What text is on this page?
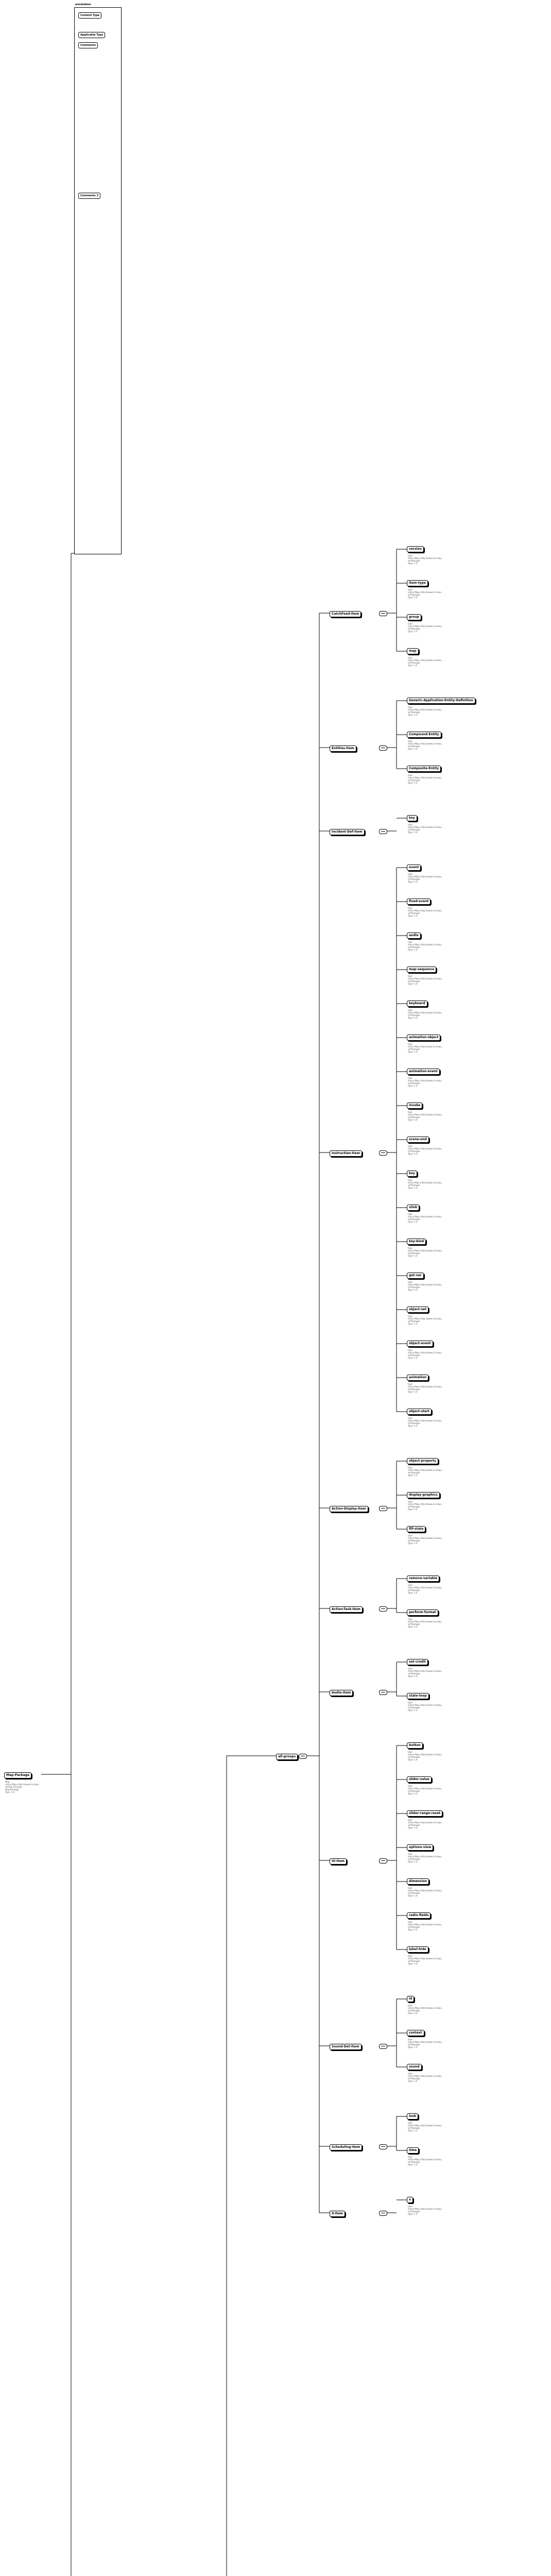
Map-Package
Map
xmlns:Map=http://www.cicsmap...
ref.Map Package
Map:Package
Type: 1.0
annotation
Content Type
Applicable Type
Comments
Comments 2
all-groups
CatchFeed-Item
version
type
xmlns:Map=http://www.cicsmap...
ref:Package
Type: 1.0
item-type
type
xmlns:Map=http://www.cicsmap...
ref:Package
Type: 1.0
group
type
xmlns:Map=http://www.cicsmap...
ref:Package
Type: 1.0
map
type
xmlns:Map=http://www.cicsmap...
ref:Package
Type: 1.0
Entities-Item
Generic-Application-Entity-Definition
type
xmlns:Map=http://www.cicsmap...
ref:Package
Type: 1.0
Compound-Entity
type
xmlns:Map=http://www.cicsmap...
ref:Package
Type: 1.0
Composite-Entity
type
xmlns:Map=http://www.cicsmap...
ref:Package
Type: 1.0
Incident-Def-Item
key
type
xmlns:Map=http://www.cicsmap...
ref:Package
Type: 1.0
Instruction-Item
event
type
xmlns:Map=http://www.cicsmap...
ref:Package
Type: 1.0
fixed-event
type
xmlns:Map=http://www.cicsmap...
ref:Package
Type: 1.0
audio
type
xmlns:Map=http://www.cicsmap...
ref:Package
Type: 1.0
map-sequence
type
xmlns:Map=http://www.cicsmap...
ref:Package
Type: 1.0
keyboard
type
xmlns:Map=http://www.cicsmap...
ref:Package
Type: 1.0
animation-object
type
xmlns:Map=http://www.cicsmap...
ref:Package
Type: 1.0
animation-event
type
xmlns:Map=http://www.cicsmap...
ref:Package
Type: 1.0
invoke
type
xmlns:Map=http://www.cicsmap...
ref:Package
Type: 1.0
scene-end
type
xmlns:Map=http://www.cicsmap...
ref:Package
Type: 1.0
key
type
xmlns:Map=http://www.cicsmap...
ref:Package
Type: 1.0
vlink
type
xmlns:Map=http://www.cicsmap...
ref:Package
Type: 1.0
key-bind
type
xmlns:Map=http://www.cicsmap...
ref:Package
Type: 1.0
get-var
type
xmlns:Map=http://www.cicsmap...
ref:Package
Type: 1.0
object-set
type
xmlns:Map=http://www.cicsmap...
ref:Package
Type: 1.0
object-event
type
xmlns:Map=http://www.cicsmap...
ref:Package
Type: 1.0
animation
type
xmlns:Map=http://www.cicsmap...
ref:Package
Type: 1.0
object-start
type
xmlns:Map=http://www.cicsmap...
ref:Package
Type: 1.0
Action-Display-Item
object-property
type
xmlns:Map=http://www.cicsmap...
ref:Package
Type: 1.0
display-graphics
type
xmlns:Map=http://www.cicsmap...
ref:Package
Type: 1.0
fill-state
type
xmlns:Map=http://www.cicsmap...
ref:Package
Type: 1.0
Action-Task-Item
remove-variable
type
xmlns:Map=http://www.cicsmap...
ref:Package
Type: 1.0
perform-format
type
xmlns:Map=http://www.cicsmap...
ref:Package
Type: 1.0
Audio-Item
set-credit
type
xmlns:Map=http://www.cicsmap...
ref:Package
Type: 1.0
state-loop
type
xmlns:Map=http://www.cicsmap...
ref:Package
Type: 1.0
UI-Item
button
type
xmlns:Map=http://www.cicsmap...
ref:Package
Type: 1.0
slider-value
type
xmlns:Map=http://www.cicsmap...
ref:Package
Type: 1.0
slider-range-reset
type
xmlns:Map=http://www.cicsmap...
ref:Package
Type: 1.0
options-view
type
xmlns:Map=http://www.cicsmap...
ref:Package
Type: 1.0
dimension
type
xmlns:Map=http://www.cicsmap...
ref:Package
Type: 1.0
radio-fields
type
xmlns:Map=http://www.cicsmap...
ref:Package
Type: 1.0
label-hide
type
xmlns:Map=http://www.cicsmap...
ref:Package
Type: 1.0
Sound-Det-Item
id
type
xmlns:Map=http://www.cicsmap...
ref:Package
Type: 1.0
context
type
xmlns:Map=http://www.cicsmap...
ref:Package
Type: 1.0
sound
type
xmlns:Map=http://www.cicsmap...
ref:Package
Type: 1.0
Scheduling-Item
look
type
xmlns:Map=http://www.cicsmap...
ref:Package
Type: 1.0
time
type
xmlns:Map=http://www.cicsmap...
ref:Package
Type: 1.0
X-Item
x
type
xmlns:Map=http://www.cicsmap...
ref:Package
Type: 1.0
